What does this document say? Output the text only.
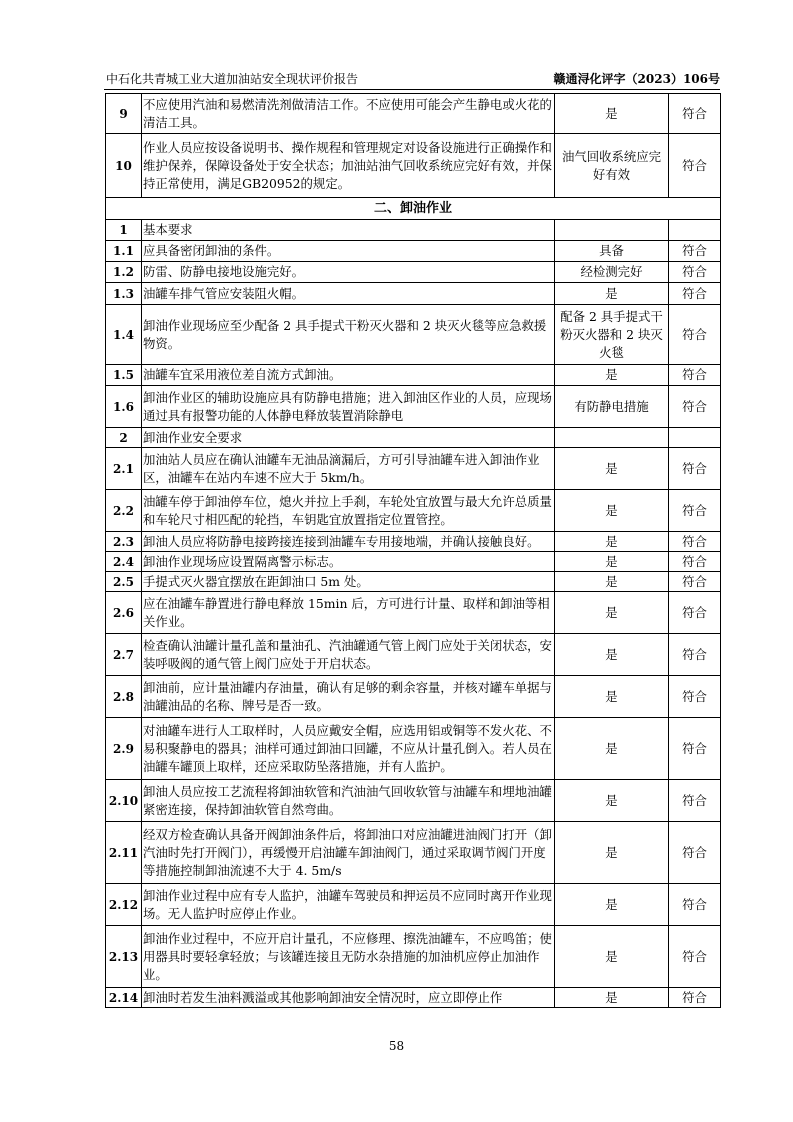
中石化共青城工业大道加油站安全现状评价报告	赣通浔化评字（2023）106号
9	不应使用汽油和易燃清洗剂做清洁工作。不应使用可能会产生静电或火花的清洁工具。	是	符合
10	作业人员应按设备说明书、操作规程和管理规定对设备设施进行正确操作和维护保养，保障设备处于安全状态；加油站油气回收系统应完好有效，并保持正常使用，满足GB20952的规定。	油气回收系统应完好有效	符合
二、卸油作业			
1	基本要求		
1.1	应具备密闭卸油的条件。	具备	符合
1.2	防雷、防静电接地设施完好。	经检测完好	符合
1.3	油罐车排气管应安装阻火帽。	是	符合
1.4	卸油作业现场应至少配备 2 具手提式干粉灭火器和 2 块灭火毯等应急救援物资。	配备 2 具手提式干粉灭火器和 2 块灭火毯	符合
1.5	油罐车宜采用液位差自流方式卸油。	是	符合
1.6	卸油作业区的辅助设施应具有防静电措施；进入卸油区作业的人员，应现场通过具有报警功能的人体静电释放装置消除静电	有防静电措施	符合
2	卸油作业安全要求		
2.1	加油站人员应在确认油罐车无油品滴漏后，方可引导油罐车进入卸油作业区，油罐车在站内车速不应大于 5km/h。	是	符合
2.2	油罐车停于卸油停车位，熄火并拉上手刹，车轮处宜放置与最大允许总质量和车轮尺寸相匹配的轮挡，车钥匙宜放置指定位置管控。	是	符合
2.3	卸油人员应将防静电接跨接连接到油罐车专用接地端，并确认接触良好。	是	符合
2.4	卸油作业现场应设置隔离警示标志。	是	符合
2.5	手提式灭火器宜摆放在距卸油口 5m 处。	是	符合
2.6	应在油罐车静置进行静电释放 15min 后，方可进行计量、取样和卸油等相关作业。	是	符合
2.7	检查确认油罐计量孔盖和量油孔、汽油罐通气管上阀门应处于关闭状态，安装呼吸阀的通气管上阀门应处于开启状态。	是	符合
2.8	卸油前，应计量油罐内存油量，确认有足够的剩余容量，并核对罐车单据与油罐油品的名称、牌号是否一致。	是	符合
2.9	对油罐车进行人工取样时，人员应戴安全帽，应选用铝或铜等不发火花、不易积聚静电的器具；油样可通过卸油口回罐，不应从计量孔倒入。若人员在油罐车罐顶上取样，还应采取防坠落措施，并有人监护。	是	符合
2.10	卸油人员应按工艺流程将卸油软管和汽油油气回收软管与油罐车和埋地油罐紧密连接，保持卸油软管自然弯曲。	是	符合
2.11	经双方检查确认具备开阀卸油条件后，将卸油口对应油罐进油阀门打开（卸汽油时先打开阀门），再缓慢开启油罐车卸油阀门，通过采取调节阀门开度等措施控制卸油流速不大于 4. 5m/s	是	符合
2.12	卸油作业过程中应有专人监护，油罐车驾驶员和押运员不应同时离开作业现场。无人监护时应停止作业。	是	符合
2.13	卸油作业过程中，不应开启计量孔，不应修理、擦洗油罐车，不应鸣笛；使用器具时要轻拿轻放；与该罐连接且无防水杂措施的加油机应停止加油作业。	是	符合
2.14	卸油时若发生油料溅溢或其他影响卸油安全情况时，应立即停止作	是	符合
58
